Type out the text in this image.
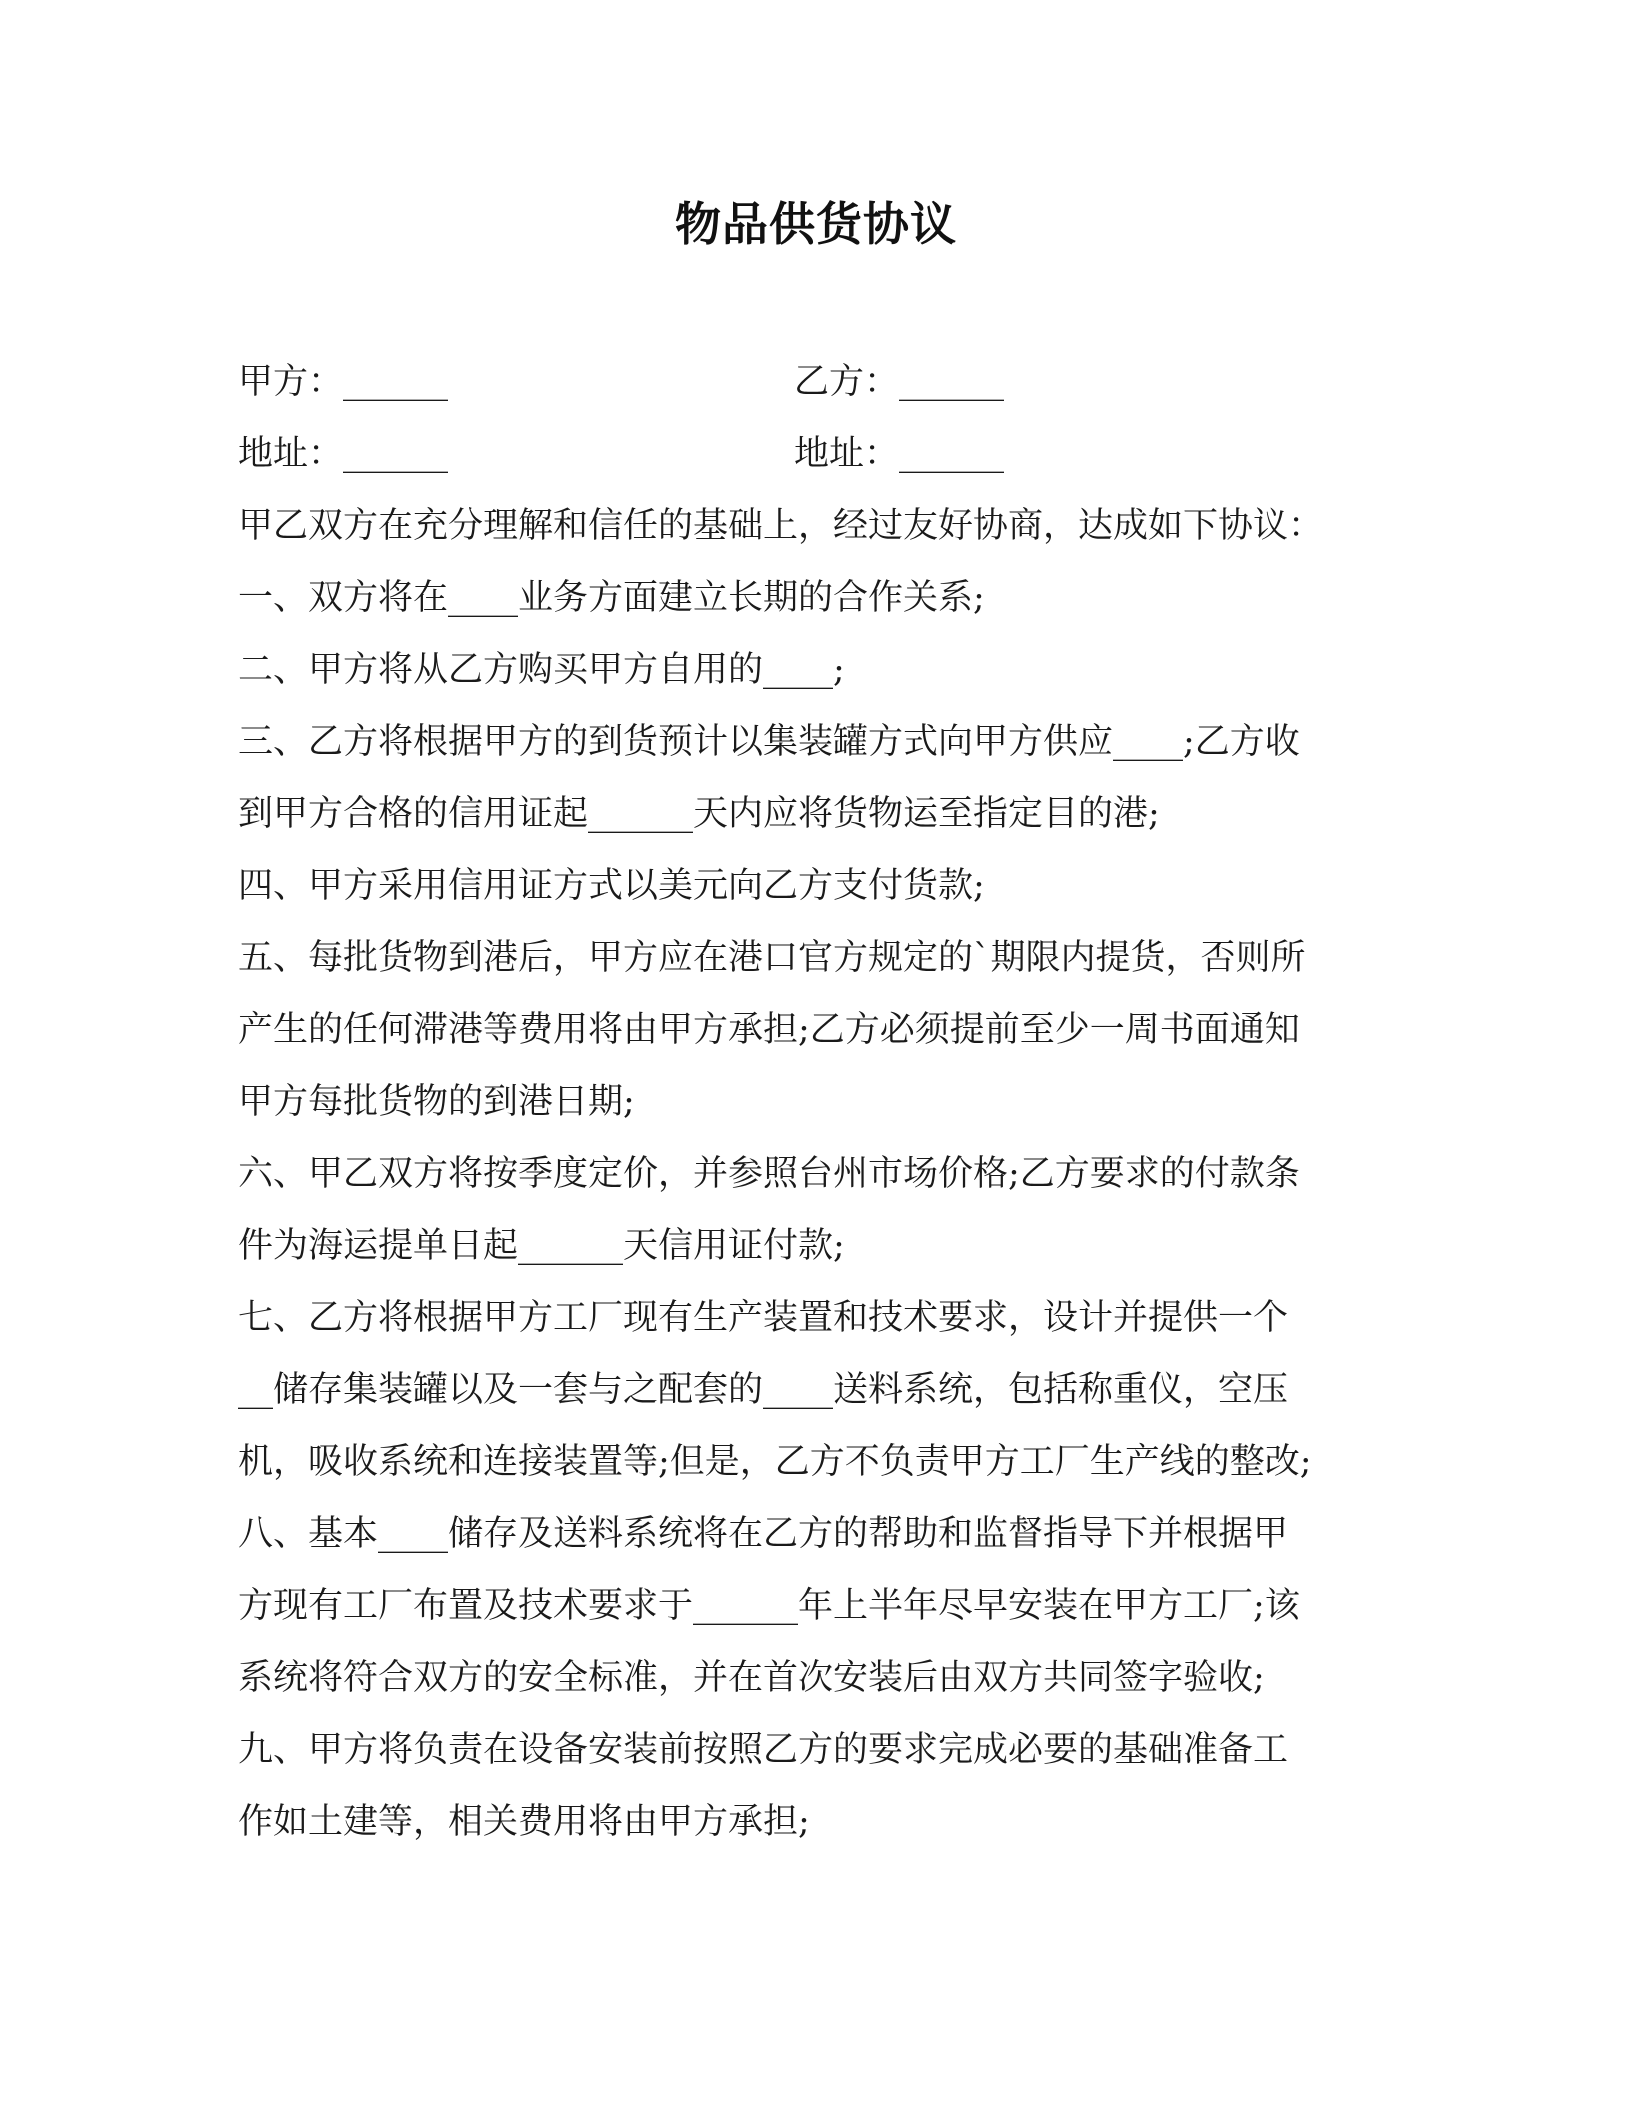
物品供货协议
甲方：______	乙方：______
地址：______	地址：______
甲乙双方在充分理解和信任的基础上，经过友好协商，达成如下协议：
一、双方将在____业务方面建立长期的合作关系;
二、甲方将从乙方购买甲方自用的____;
三、乙方将根据甲方的到货预计以集装罐方式向甲方供应____;乙方收
到甲方合格的信用证起______天内应将货物运至指定目的港;
四、甲方采用信用证方式以美元向乙方支付货款;
五、每批货物到港后，甲方应在港口官方规定的`期限内提货，否则所
产生的任何滞港等费用将由甲方承担;乙方必须提前至少一周书面通知
甲方每批货物的到港日期;
六、甲乙双方将按季度定价，并参照台州市场价格;乙方要求的付款条
件为海运提单日起______天信用证付款;
七、乙方将根据甲方工厂现有生产装置和技术要求，设计并提供一个
__储存集装罐以及一套与之配套的____送料系统，包括称重仪，空压
机，吸收系统和连接装置等;但是，乙方不负责甲方工厂生产线的整改;
八、基本____储存及送料系统将在乙方的帮助和监督指导下并根据甲
方现有工厂布置及技术要求于______年上半年尽早安装在甲方工厂;该
系统将符合双方的安全标准，并在首次安装后由双方共同签字验收;
九、甲方将负责在设备安装前按照乙方的要求完成必要的基础准备工
作如土建等，相关费用将由甲方承担;
